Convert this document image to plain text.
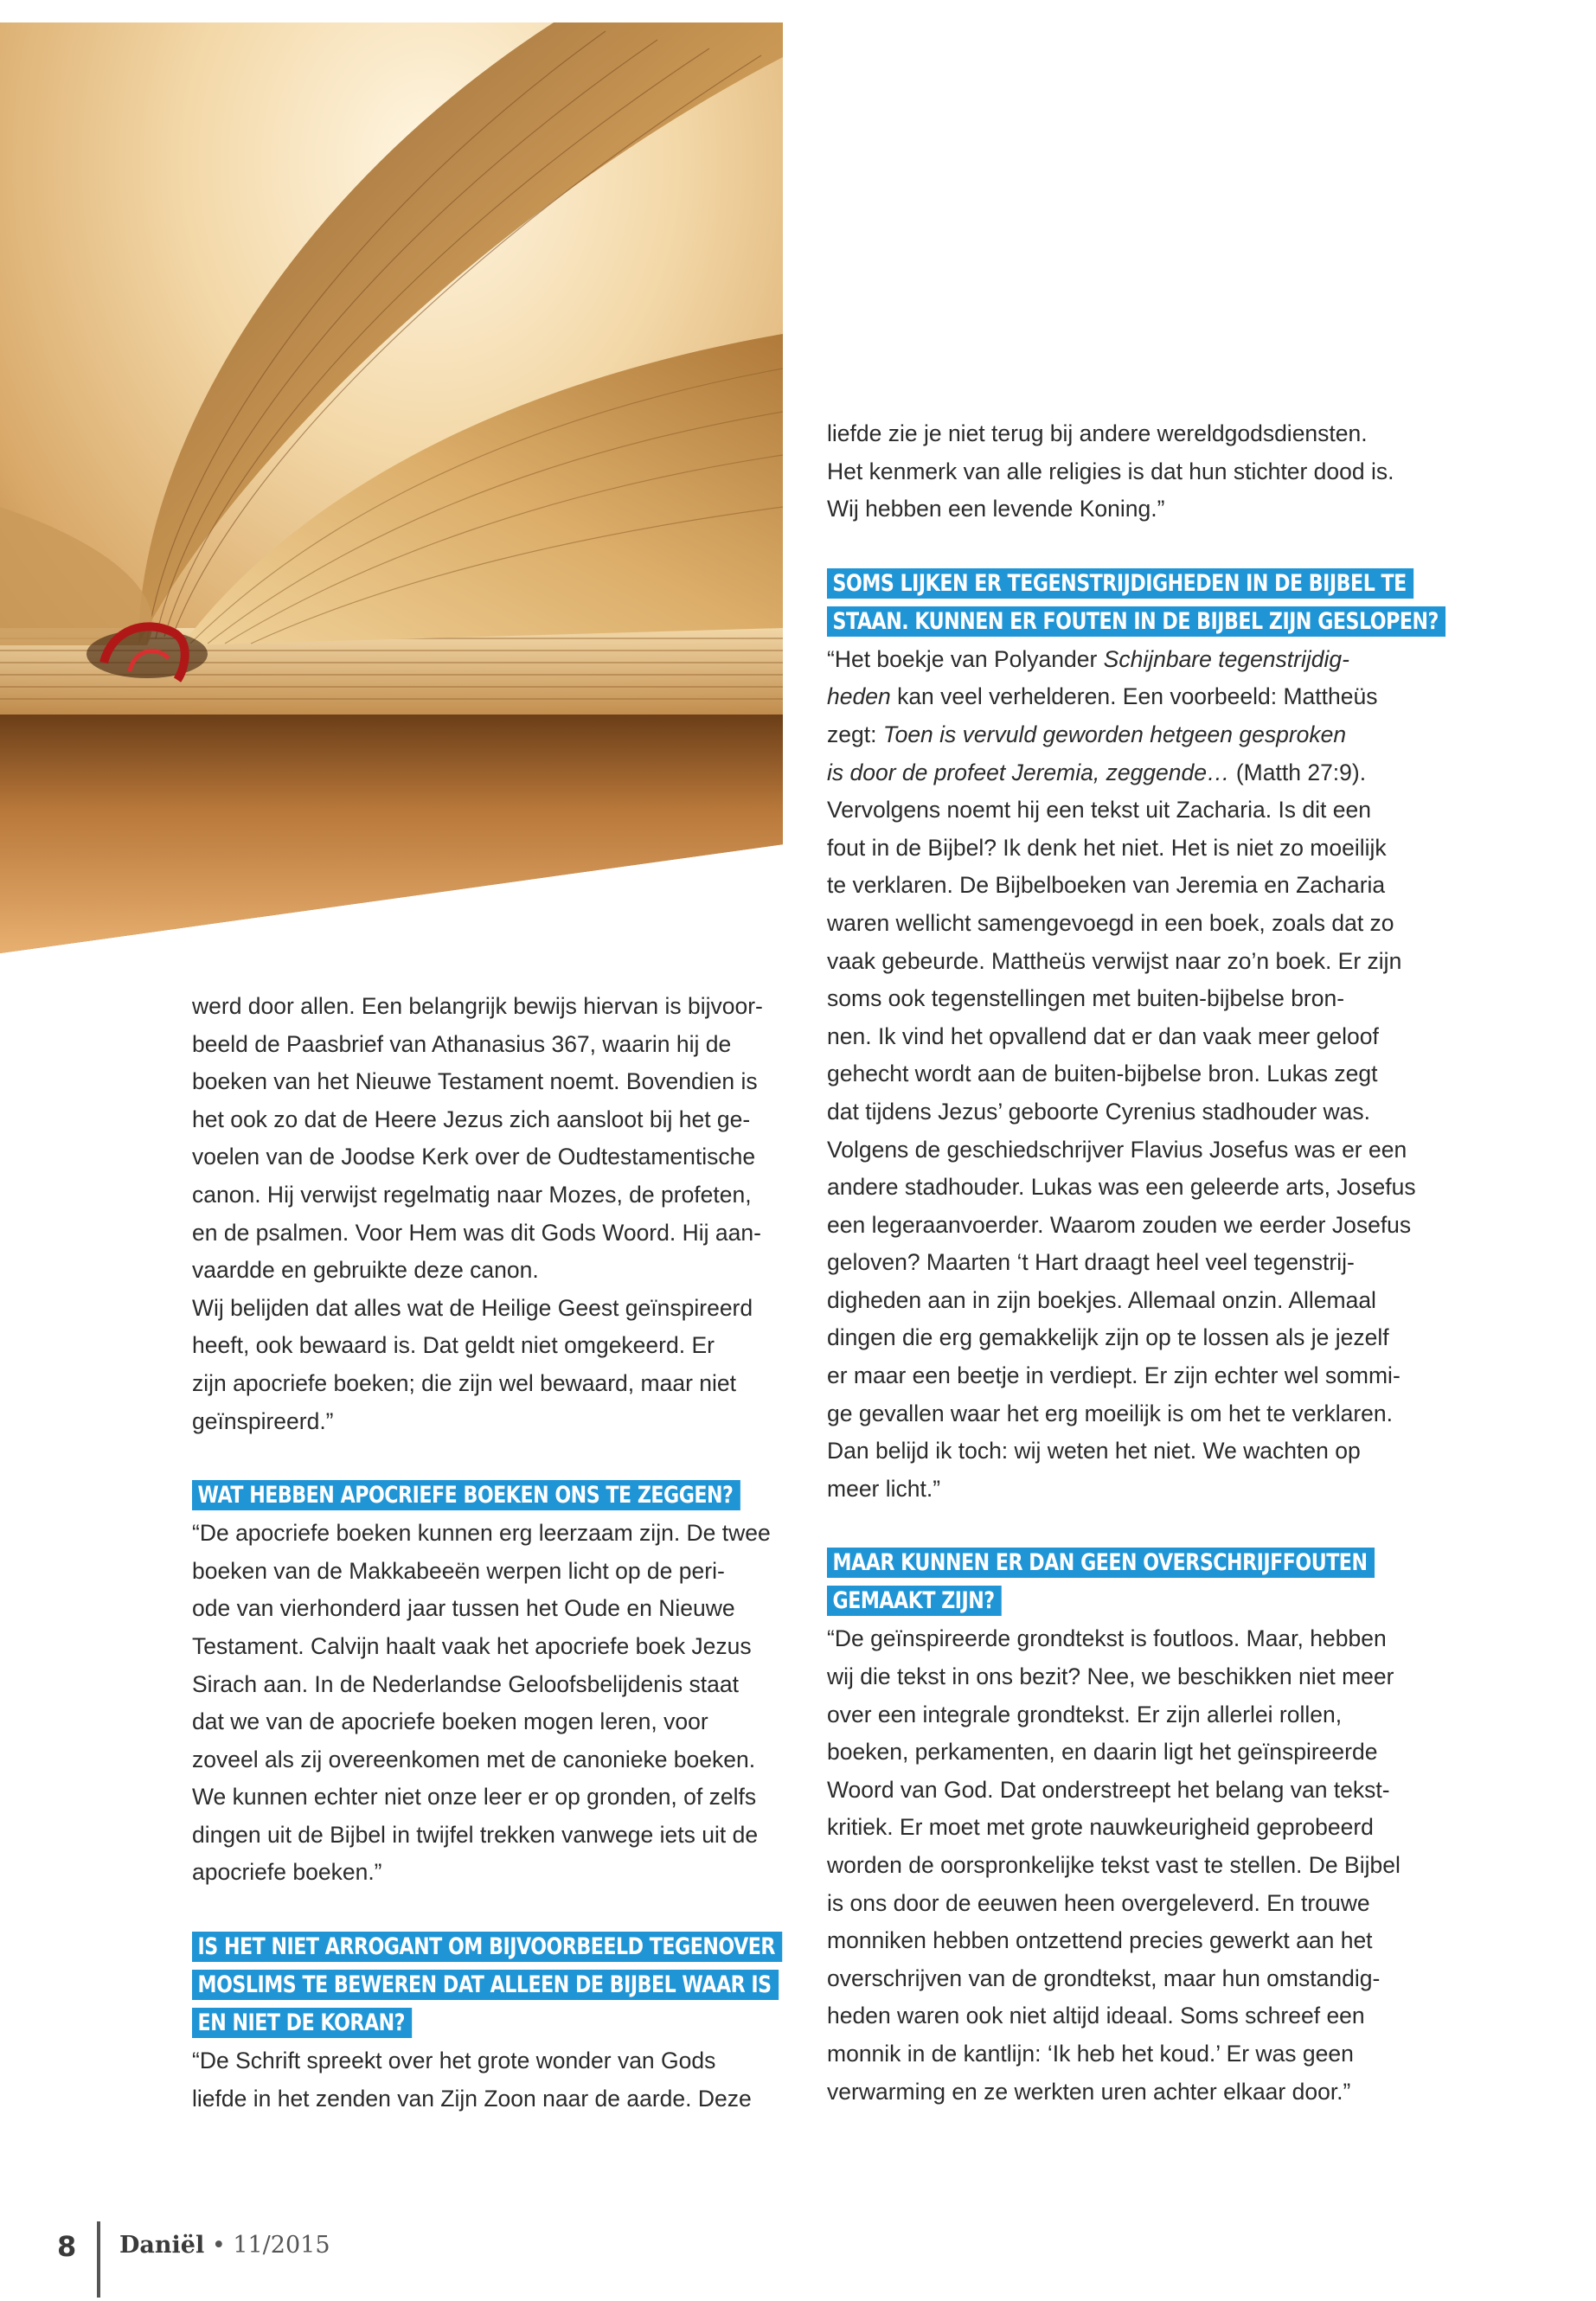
werd door allen. Een belangrijk bewijs hiervan is bijvoor-
beeld de Paasbrief van Athanasius 367, waarin hij de
boeken van het Nieuwe Testament noemt. Bovendien is
het ook zo dat de Heere Jezus zich aansloot bij het ge-
voelen van de Joodse Kerk over de Oudtestamentische
canon. Hij verwijst regelmatig naar Mozes, de profeten,
en de psalmen. Voor Hem was dit Gods Woord. Hij aan-
vaardde en gebruikte deze canon.
Wij belijden dat alles wat de Heilige Geest geïnspireerd
heeft, ook bewaard is. Dat geldt niet omgekeerd. Er
zijn apocriefe boeken; die zijn wel bewaard, maar niet
geïnspireerd.”

WAT HEBBEN APOCRIEFE BOEKEN ONS TE ZEGGEN?

“De apocriefe boeken kunnen erg leerzaam zijn. De twee
boeken van de Makkabeeën werpen licht op de peri-
ode van vierhonderd jaar tussen het Oude en Nieuwe
Testament. Calvijn haalt vaak het apocriefe boek Jezus
Sirach aan. In de Nederlandse Geloofsbelijdenis staat
dat we van de apocriefe boeken mogen leren, voor
zoveel als zij overeenkomen met de canonieke boeken.
We kunnen echter niet onze leer er op gronden, of zelfs
dingen uit de Bijbel in twijfel trekken vanwege iets uit de
apocriefe boeken.”

IS HET NIET ARROGANT OM BIJVOORBEELD TEGENOVER
MOSLIMS TE BEWEREN DAT ALLEEN DE BIJBEL WAAR IS
EN NIET DE KORAN?

“De Schrift spreekt over het grote wonder van Gods
liefde in het zenden van Zijn Zoon naar de aarde. Deze

liefde zie je niet terug bij andere wereldgodsdiensten.
Het kenmerk van alle religies is dat hun stichter dood is.
Wij hebben een levende Koning.”

SOMS LIJKEN ER TEGENSTRIJDIGHEDEN IN DE BIJBEL TE
STAAN. KUNNEN ER FOUTEN IN DE BIJBEL ZIJN GESLOPEN?

“Het boekje van Polyander Schijnbare tegenstrijdig-
heden kan veel verhelderen. Een voorbeeld: Mattheüs
zegt: Toen is vervuld geworden hetgeen gesproken
is door de profeet Jeremia, zeggende… (Matth 27:9).
Vervolgens noemt hij een tekst uit Zacharia. Is dit een
fout in de Bijbel? Ik denk het niet. Het is niet zo moeilijk
te verklaren. De Bijbelboeken van Jeremia en Zacharia
waren wellicht samengevoegd in een boek, zoals dat zo
vaak gebeurde. Mattheüs verwijst naar zo’n boek. Er zijn
soms ook tegenstellingen met buiten-bijbelse bron-
nen. Ik vind het opvallend dat er dan vaak meer geloof
gehecht wordt aan de buiten-bijbelse bron. Lukas zegt
dat tijdens Jezus’ geboorte Cyrenius stadhouder was.
Volgens de geschiedschrijver Flavius Josefus was er een
andere stadhouder. Lukas was een geleerde arts, Josefus
een legeraanvoerder. Waarom zouden we eerder Josefus
geloven? Maarten ‘t Hart draagt heel veel tegenstrij-
digheden aan in zijn boekjes. Allemaal onzin. Allemaal
dingen die erg gemakkelijk zijn op te lossen als je jezelf
er maar een beetje in verdiept. Er zijn echter wel sommi-
ge gevallen waar het erg moeilijk is om het te verklaren.
Dan belijd ik toch: wij weten het niet. We wachten op
meer licht.”

MAAR KUNNEN ER DAN GEEN OVERSCHRIJFFOUTEN
GEMAAKT ZIJN?

“De geïnspireerde grondtekst is foutloos. Maar, hebben
wij die tekst in ons bezit? Nee, we beschikken niet meer
over een integrale grondtekst. Er zijn allerlei rollen,
boeken, perkamenten, en daarin ligt het geïnspireerde
Woord van God. Dat onderstreept het belang van tekst-
kritiek. Er moet met grote nauwkeurigheid geprobeerd
worden de oorspronkelijke tekst vast te stellen. De Bijbel
is ons door de eeuwen heen overgeleverd. En trouwe
monniken hebben ontzettend precies gewerkt aan het
overschrijven van de grondtekst, maar hun omstandig-
heden waren ook niet altijd ideaal. Soms schreef een
monnik in de kantlijn: ‘Ik heb het koud.’ Er was geen
verwarming en ze werkten uren achter elkaar door.”

8 Daniël • 11/2015
